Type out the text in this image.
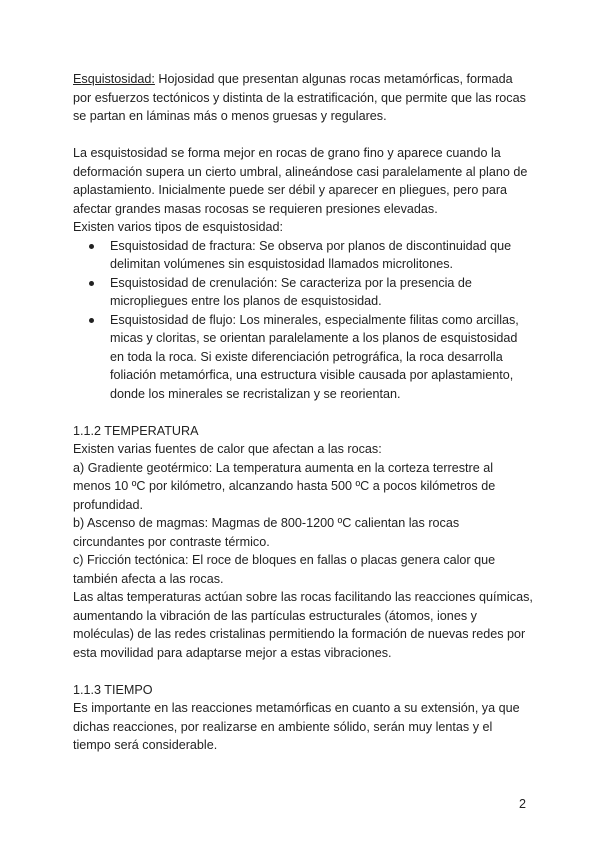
Esquistosidad: Hojosidad que presentan algunas rocas metamórficas, formada por esfuerzos tectónicos y distinta de la estratificación, que permite que las rocas se partan en láminas más o menos gruesas y regulares.

La esquistosidad se forma mejor en rocas de grano fino y aparece cuando la deformación supera un cierto umbral, alineándose casi paralelamente al plano de aplastamiento. Inicialmente puede ser débil y aparecer en pliegues, pero para afectar grandes masas rocosas se requieren presiones elevadas.

Existen varios tipos de esquistosidad:

Esquistosidad de fractura: Se observa por planos de discontinuidad que delimitan volúmenes sin esquistosidad llamados microlitones.
Esquistosidad de crenulación: Se caracteriza por la presencia de micropliegues entre los planos de esquistosidad.
Esquistosidad de flujo: Los minerales, especialmente filitas como arcillas, micas y cloritas, se orientan paralelamente a los planos de esquistosidad en toda la roca. Si existe diferenciación petrográfica, la roca desarrolla foliación metamórfica, una estructura visible causada por aplastamiento, donde los minerales se recristalizan y se reorientan.

1.1.2 TEMPERATURA

Existen varias fuentes de calor que afectan a las rocas:

a) Gradiente geotérmico: La temperatura aumenta en la corteza terrestre al menos 10 ºC por kilómetro, alcanzando hasta 500 ºC a pocos kilómetros de profundidad.

b) Ascenso de magmas: Magmas de 800-1200 ºC calientan las rocas circundantes por contraste térmico.

c) Fricción tectónica: El roce de bloques en fallas o placas genera calor que también afecta a las rocas.

Las altas temperaturas actúan sobre las rocas facilitando las reacciones químicas, aumentando la vibración de las partículas estructurales (átomos, iones y moléculas) de las redes cristalinas permitiendo la formación de nuevas redes por esta movilidad para adaptarse mejor a estas vibraciones.

1.1.3 TIEMPO

Es importante en las reacciones metamórficas en cuanto a su extensión, ya que dichas reacciones, por realizarse en ambiente sólido, serán muy lentas y el tiempo será considerable.

2
